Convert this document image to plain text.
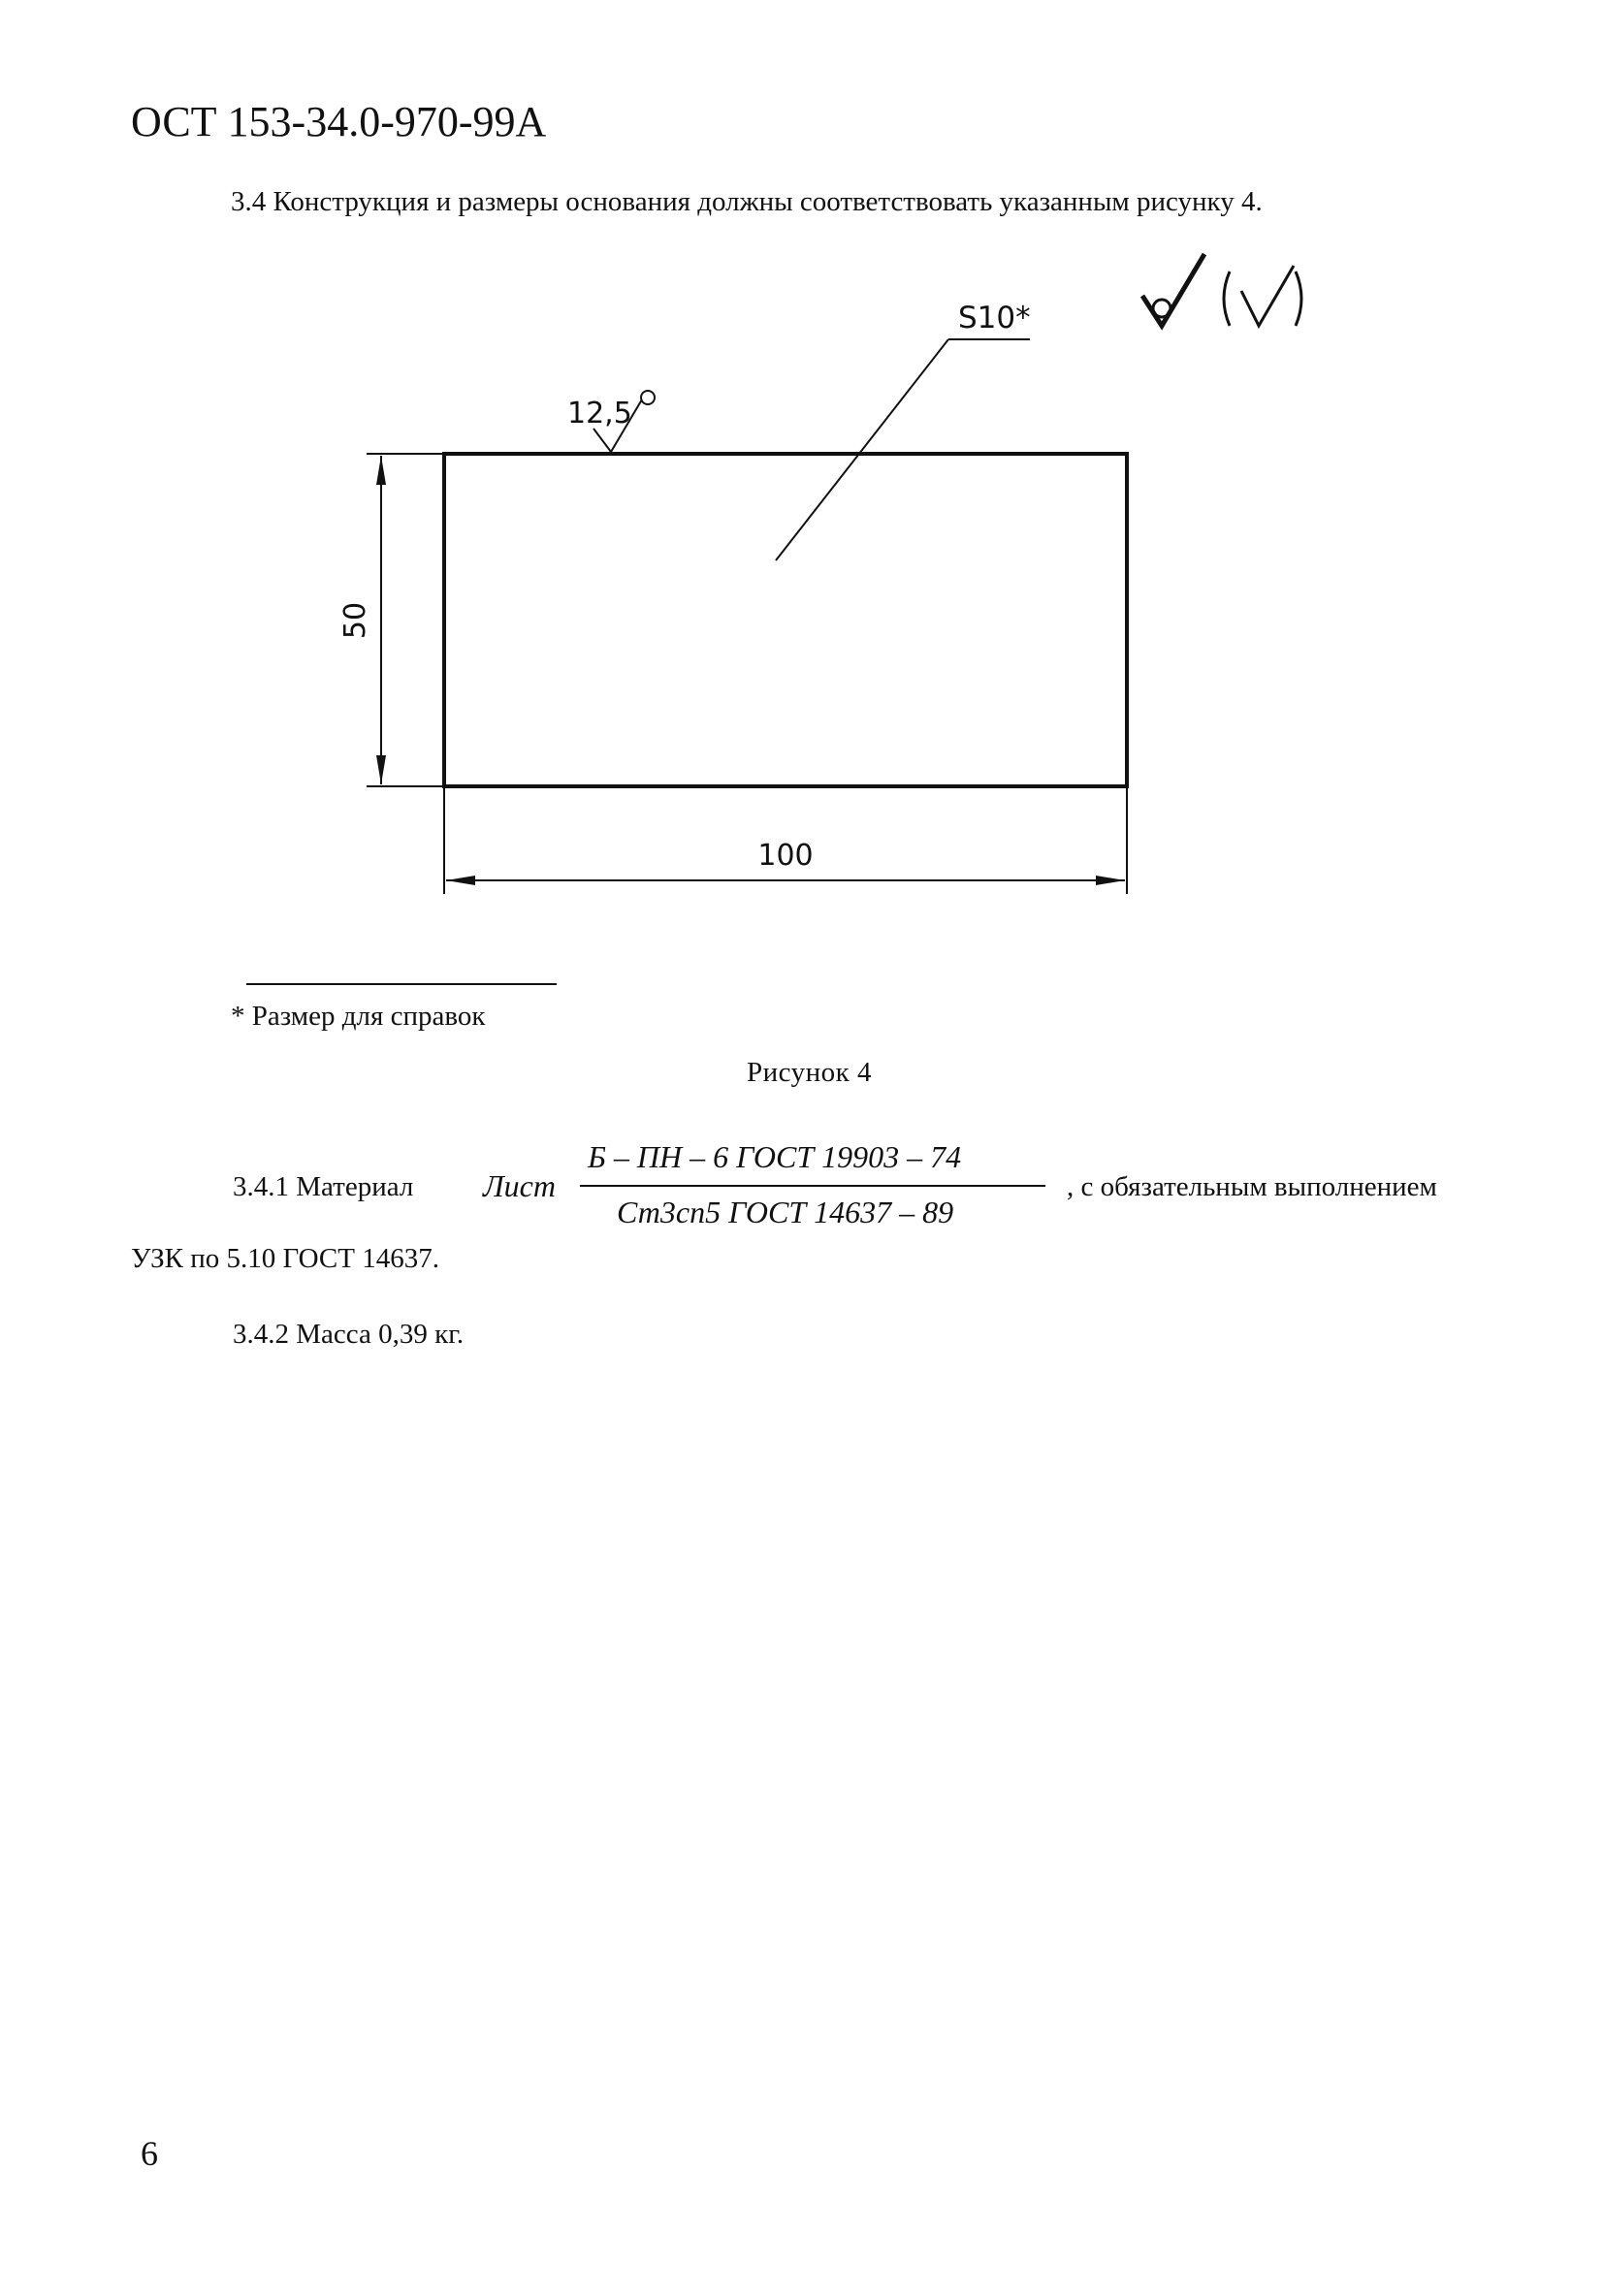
ОСТ 153-34.0-970-99А
3.4 Конструкция и размеры основания должны соответствовать указанным рисунку 4.
50
100
S10*
12,5
* Размер для справок
Рисунок 4
3.4.1 Материал Лист
Б – ПН – 6 ГОСТ 19903 – 74
Ст3сп5 ГОСТ 14637 – 89
, с обязательным выполнением
УЗК по 5.10 ГОСТ 14637.
3.4.2 Масса 0,39 кг.
6
